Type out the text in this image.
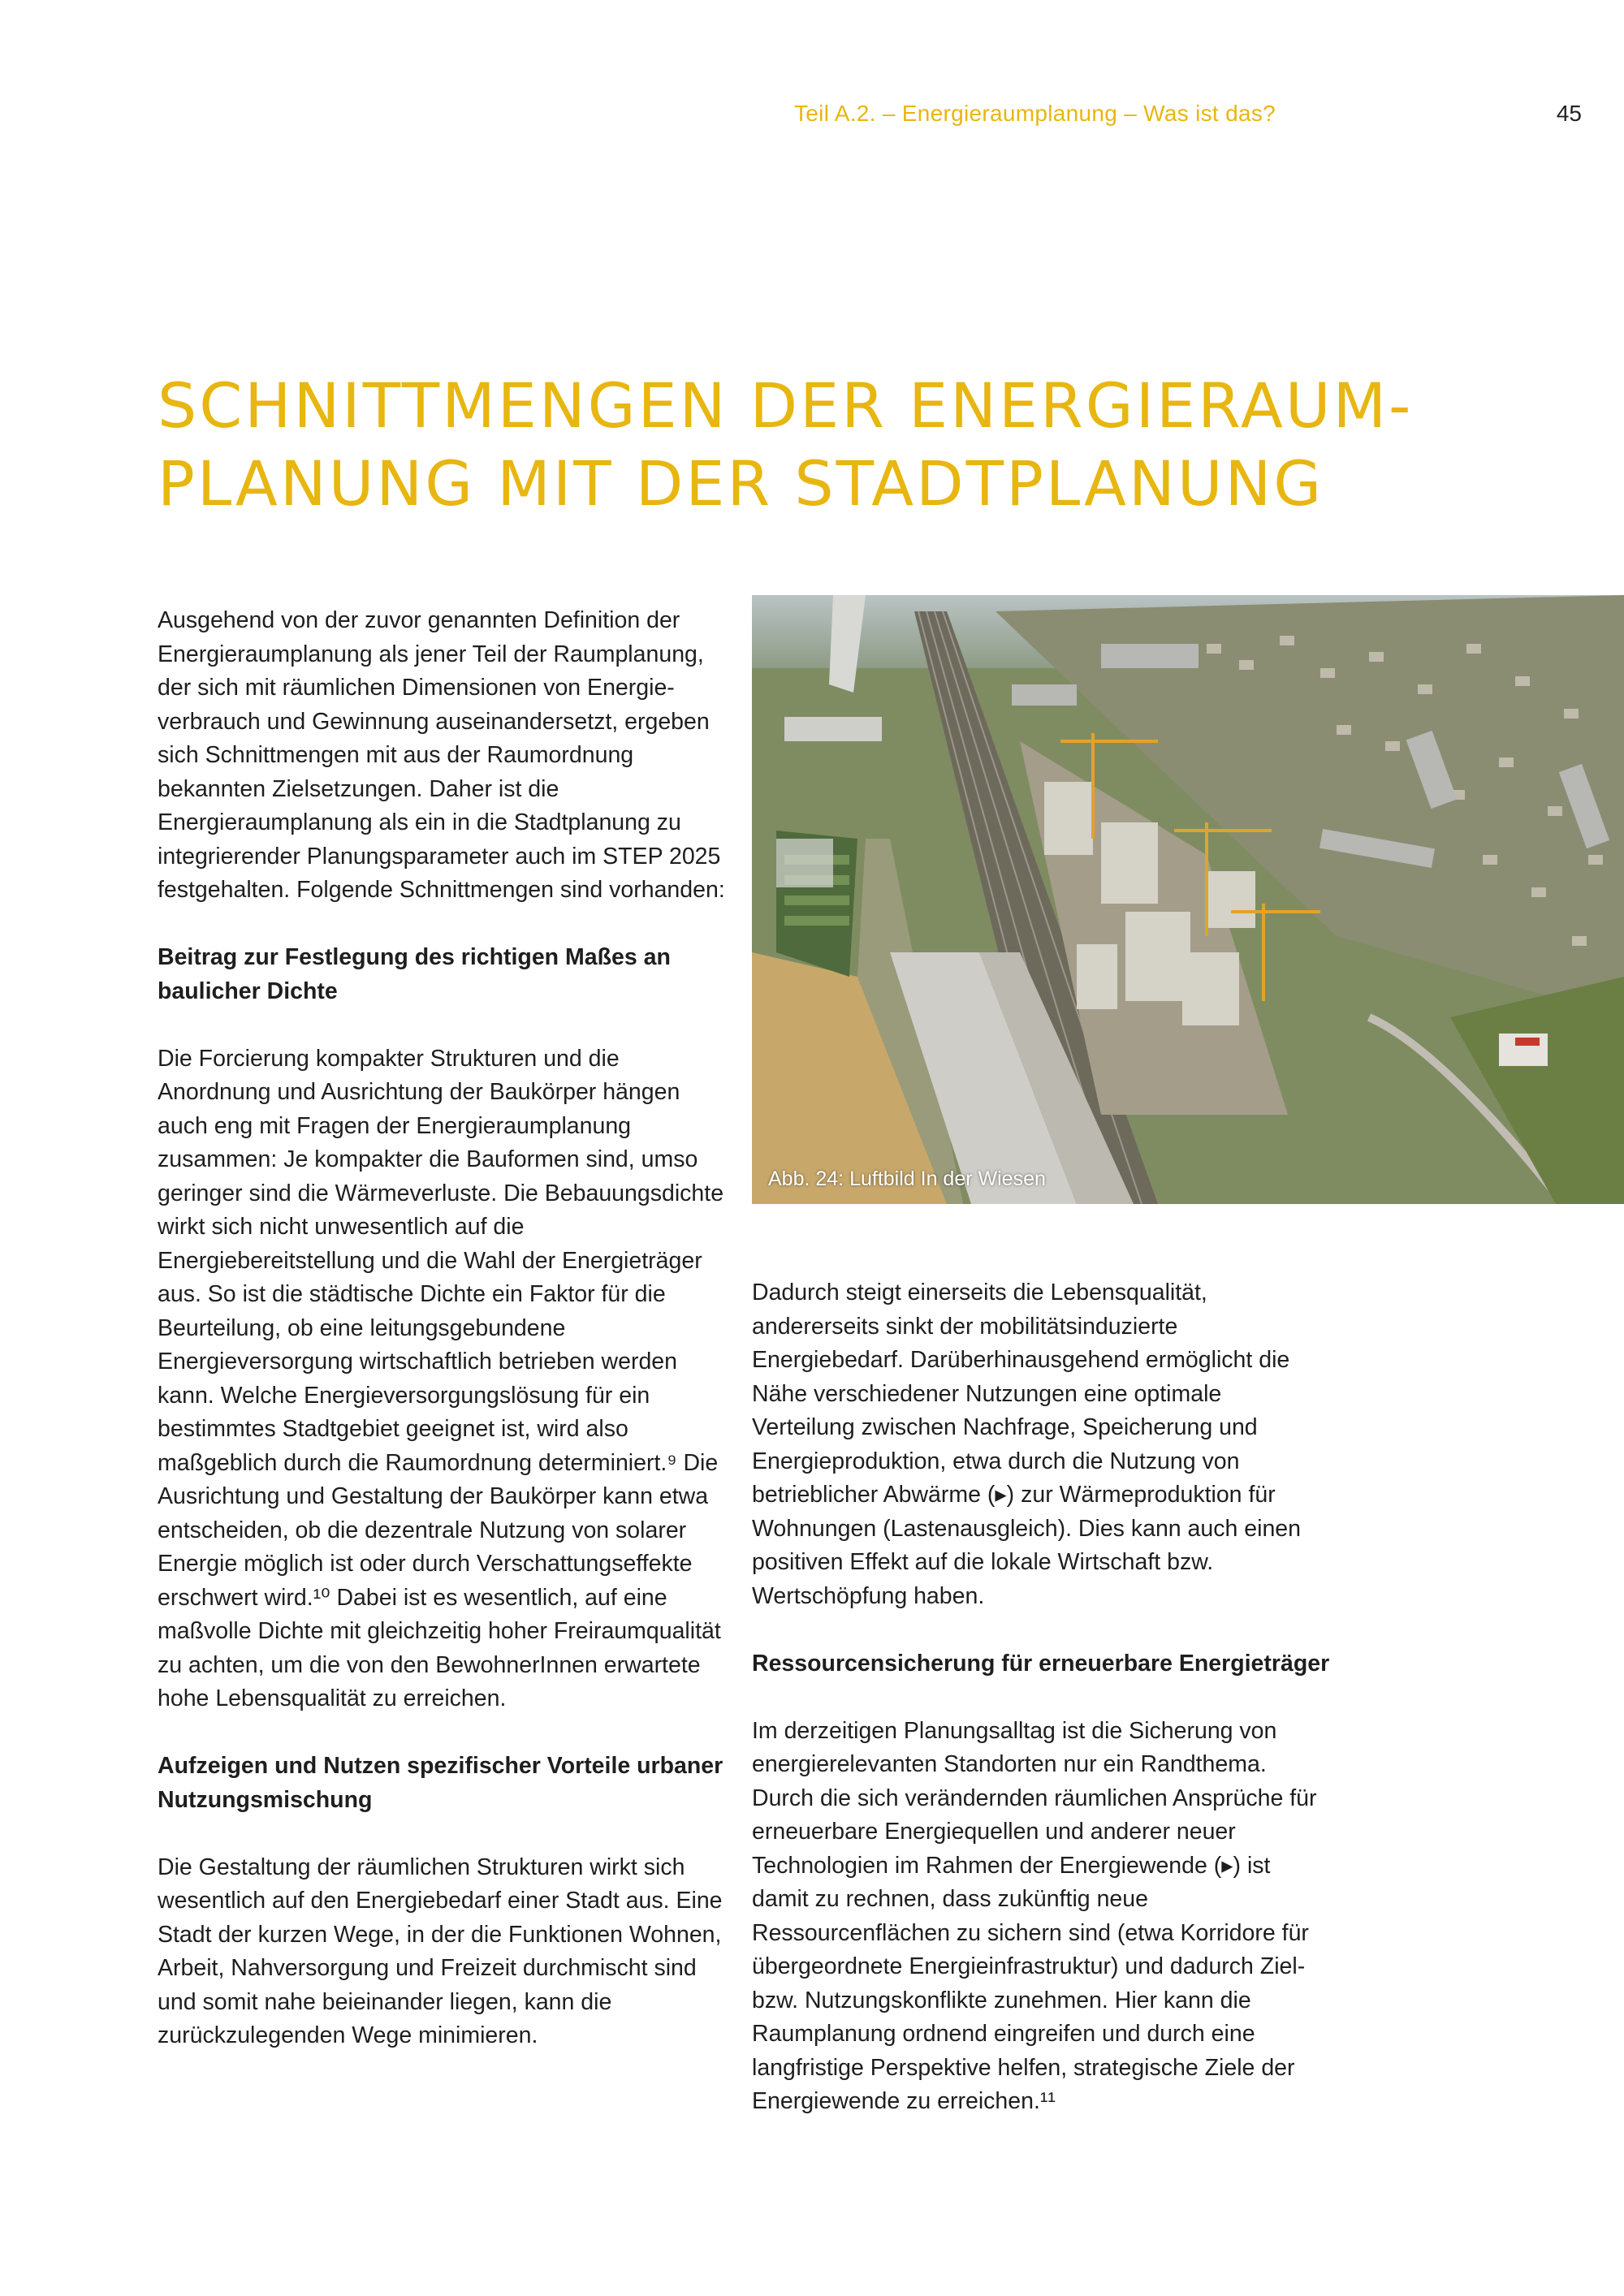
Teil A.2. – Energieraumplanung – Was ist das?	45
SCHNITTMENGEN DER ENERGIERAUM-
PLANUNG MIT DER STADTPLANUNG

Ausgehend von der zuvor genannten Definition der Energieraumplanung als jener Teil der Raumplanung, der sich mit räumlichen Dimensionen von Energie-verbrauch und Gewinnung auseinandersetzt, ergeben sich Schnittmengen mit aus der Raumordnung bekannten Zielsetzungen. Daher ist die Energieraumplanung als ein in die Stadtplanung zu integrierender Planungsparameter auch im STEP 2025 festgehalten. Folgende Schnittmengen sind vorhanden:

Beitrag zur Festlegung des richtigen Maßes an baulicher Dichte

Die Forcierung kompakter Strukturen und die Anordnung und Ausrichtung der Baukörper hängen auch eng mit Fragen der Energieraumplanung zusammen: Je kompakter die Bauformen sind, umso geringer sind die Wärmeverluste. Die Bebauungsdichte wirkt sich nicht unwesentlich auf die Energiebereitstellung und die Wahl der Energieträger aus. So ist die städtische Dichte ein Faktor für die Beurteilung, ob eine leitungsgebundene Energieversorgung wirtschaftlich betrieben werden kann. Welche Energieversorgungslösung für ein bestimmtes Stadtgebiet geeignet ist, wird also maßgeblich durch die Raumordnung determiniert.⁹ Die Ausrichtung und Gestaltung der Baukörper kann etwa entscheiden, ob die dezentrale Nutzung von solarer Energie möglich ist oder durch Verschattungseffekte erschwert wird.¹⁰ Dabei ist es wesentlich, auf eine maßvolle Dichte mit gleichzeitig hoher Freiraumqualität zu achten, um die von den BewohnerInnen erwartete hohe Lebensqualität zu erreichen.

Aufzeigen und Nutzen spezifischer Vorteile urbaner Nutzungsmischung

Die Gestaltung der räumlichen Strukturen wirkt sich wesentlich auf den Energiebedarf einer Stadt aus. Eine Stadt der kurzen Wege, in der die Funktionen Wohnen, Arbeit, Nahversorgung und Freizeit durchmischt sind und somit nahe beieinander liegen, kann die zurückzulegenden Wege minimieren.

Abb. 24: Luftbild In der Wiesen

Dadurch steigt einerseits die Lebensqualität, andererseits sinkt der mobilitätsinduzierte Energiebedarf. Darüberhinausgehend ermöglicht die Nähe verschiedener Nutzungen eine optimale Verteilung zwischen Nachfrage, Speicherung und Energieproduktion, etwa durch die Nutzung von betrieblicher Abwärme (▸) zur Wärmeproduktion für Wohnungen (Lastenausgleich). Dies kann auch einen positiven Effekt auf die lokale Wirtschaft bzw. Wertschöpfung haben.

Ressourcensicherung für erneuerbare Energieträger

Im derzeitigen Planungsalltag ist die Sicherung von energierelevanten Standorten nur ein Randthema. Durch die sich verändernden räumlichen Ansprüche für erneuerbare Energiequellen und anderer neuer Technologien im Rahmen der Energiewende (▸) ist damit zu rechnen, dass zukünftig neue Ressourcenflächen zu sichern sind (etwa Korridore für übergeordnete Energieinfrastruktur) und dadurch Ziel- bzw. Nutzungskonflikte zunehmen. Hier kann die Raumplanung ordnend eingreifen und durch eine langfristige Perspektive helfen, strategische Ziele der Energiewende zu erreichen.¹¹
